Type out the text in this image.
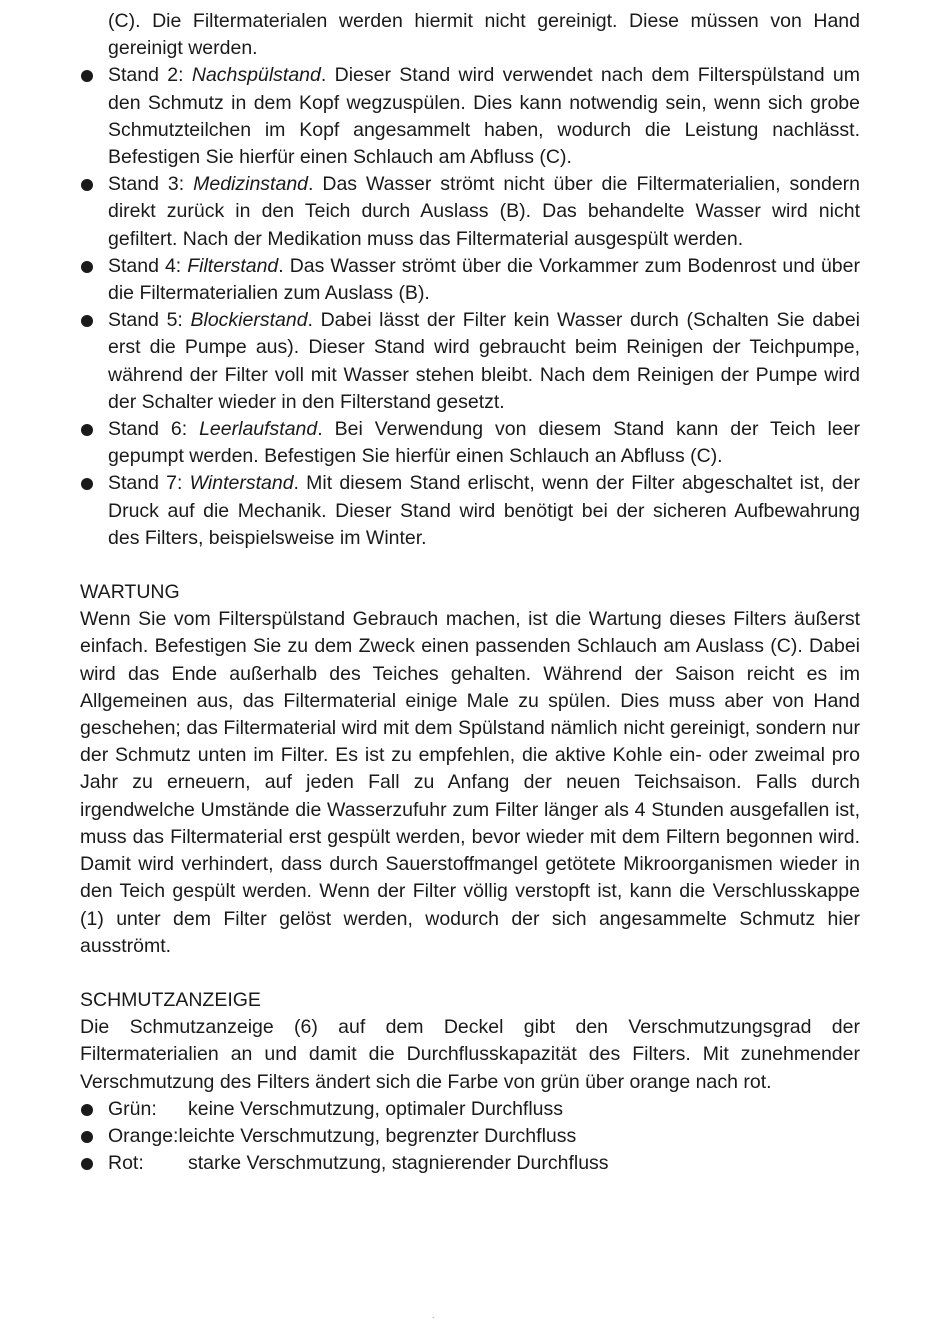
(C). Die Filtermaterialen werden hiermit nicht gereinigt. Diese müssen von Hand gereinigt werden.
Stand 2: Nachspülstand. Dieser Stand wird verwendet nach dem Filterspülstand um den Schmutz in dem Kopf wegzuspülen. Dies kann notwendig sein, wenn sich grobe Schmutzteilchen im Kopf angesammelt haben, wodurch die Leistung nachlässt. Befestigen Sie hierfür einen Schlauch am Abfluss (C).
Stand 3: Medizinstand. Das Wasser strömt nicht über die Filtermaterialien, sondern direkt zurück in den Teich durch Auslass (B). Das behandelte Wasser wird nicht gefiltert. Nach der Medikation muss das Filtermaterial ausgespült werden.
Stand 4: Filterstand. Das Wasser strömt über die Vorkammer zum Bodenrost und über die Filtermaterialien zum Auslass (B).
Stand 5: Blockierstand. Dabei lässt der Filter kein Wasser durch (Schalten Sie dabei erst die Pumpe aus). Dieser Stand wird gebraucht beim Reinigen der Teichpumpe, während der Filter voll mit Wasser stehen bleibt. Nach dem Reinigen der Pumpe wird der Schalter wieder in den Filterstand gesetzt.
Stand 6: Leerlaufstand. Bei Verwendung von diesem Stand kann der Teich leer gepumpt werden. Befestigen Sie hierfür einen Schlauch an Abfluss (C).
Stand 7: Winterstand. Mit diesem Stand erlischt, wenn der Filter abgeschaltet ist, der Druck auf die Mechanik. Dieser Stand wird benötigt bei der sicheren Aufbewahrung des Filters, beispielsweise im Winter.
WARTUNG

Wenn Sie vom Filterspülstand Gebrauch machen, ist die Wartung dieses Filters äußerst einfach. Befestigen Sie zu dem Zweck einen passenden Schlauch am Auslass (C). Dabei wird das Ende außerhalb des Teiches gehalten. Während der Saison reicht es im Allgemeinen aus, das Filtermaterial einige Male zu spülen. Dies muss aber von Hand geschehen; das Filtermaterial wird mit dem Spülstand nämlich nicht gereinigt, sondern nur der Schmutz unten im Filter. Es ist zu empfehlen, die aktive Kohle ein- oder zweimal pro Jahr zu erneuern, auf jeden Fall zu Anfang der neuen Teichsaison. Falls durch irgendwelche Umstände die Wasserzufuhr zum Filter länger als 4 Stunden ausgefallen ist, muss das Filtermaterial erst gespült werden, bevor wieder mit dem Filtern begonnen wird. Damit wird verhindert, dass durch Sauerstoffmangel getötete Mikroorganismen wieder in den Teich gespült werden. Wenn der Filter völlig verstopft ist, kann die Verschlusskappe (1) unter dem Filter gelöst werden, wodurch der sich angesammelte Schmutz hier ausströmt.

SCHMUTZANZEIGE

Die Schmutzanzeige (6) auf dem Deckel gibt den Verschmutzungsgrad der Filtermaterialien an und damit die Durchflusskapazität des Filters. Mit zunehmender Verschmutzung des Filters ändert sich die Farbe von grün über orange nach rot.

Grün:	keine Verschmutzung, optimaler Durchfluss
Orange: leichte Verschmutzung, begrenzter Durchfluss
Rot:	starke Verschmutzung, stagnierender Durchfluss
.
